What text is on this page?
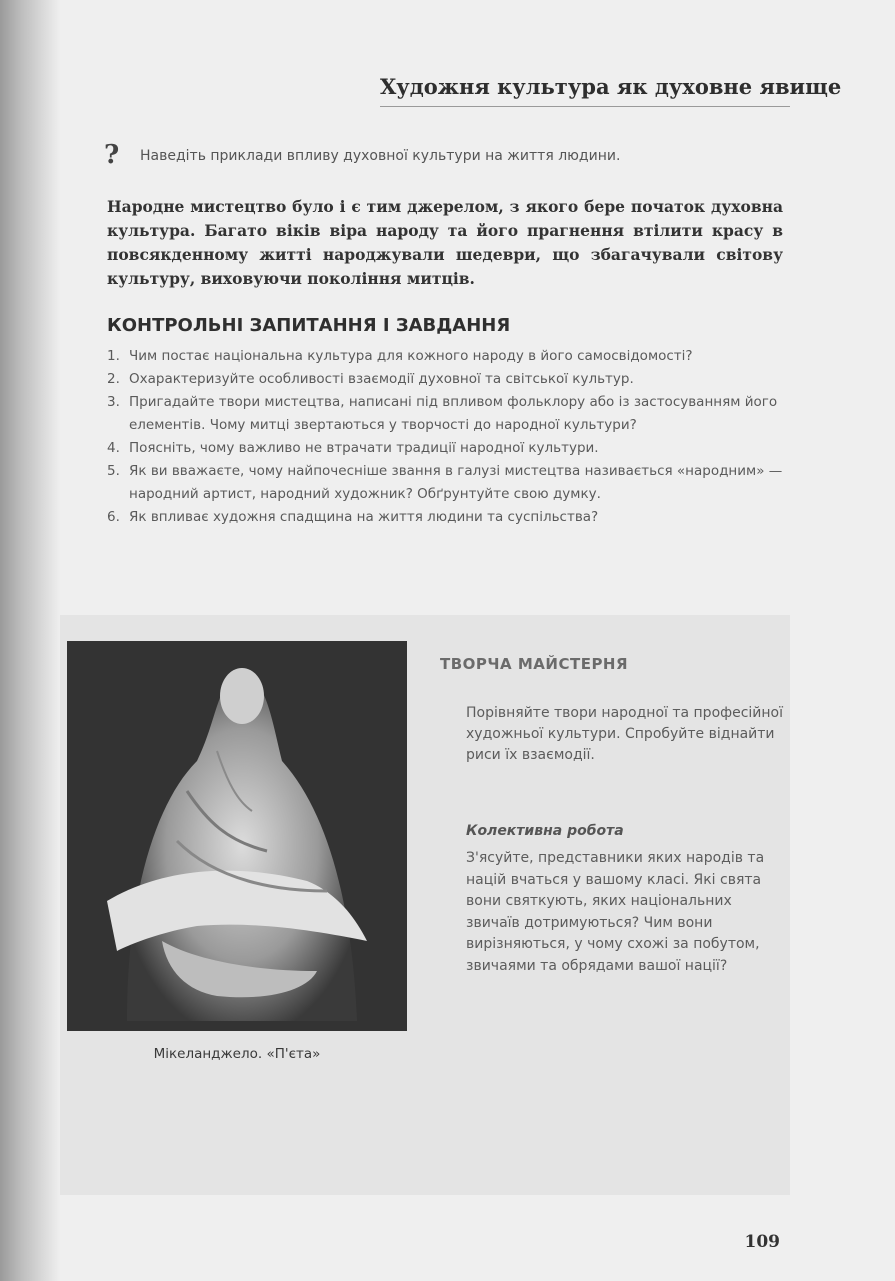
Художня культура як духовне явище
? Наведіть приклади впливу духовної культури на життя людини.

Народне мистецтво було і є тим джерелом, з якого бере початок духовна культура. Багато віків віра народу та його прагнення втілити красу в повсякденному житті народжували шедеври, що збагачували світову культуру, виховуючи покоління митців.

КОНТРОЛЬНІ ЗАПИТАННЯ І ЗАВДАННЯ
1. Чим постає національна культура для кожного народу в його самосвідомості?
2. Охарактеризуйте особливості взаємодії духовної та світської культур.
3. Пригадайте твори мистецтва, написані під впливом фольклору або із застосуванням його елементів. Чому митці звертаються у творчості до народної культури?
4. Поясніть, чому важливо не втрачати традиції народної культури.
5. Як ви вважаєте, чому найпочесніше звання в галузі мистецтва називається «народним» — народний артист, народний художник? Обґрунтуйте свою думку.
6. Як впливає художня спадщина на життя людини та суспільства?
Мікеланджело. «П'єта»
ТВОРЧА МАЙСТЕРНЯ
Порівняйте твори народної та професійної художньої культури. Спробуйте віднайти риси їх взаємодії.
Колективна робота
З'ясуйте, представники яких народів та націй вчаться у вашому класі. Які свята вони святкують, яких національних звичаїв дотримуються? Чим вони вирізняються, у чому схожі за побутом, звичаями та обрядами вашої нації?
109
